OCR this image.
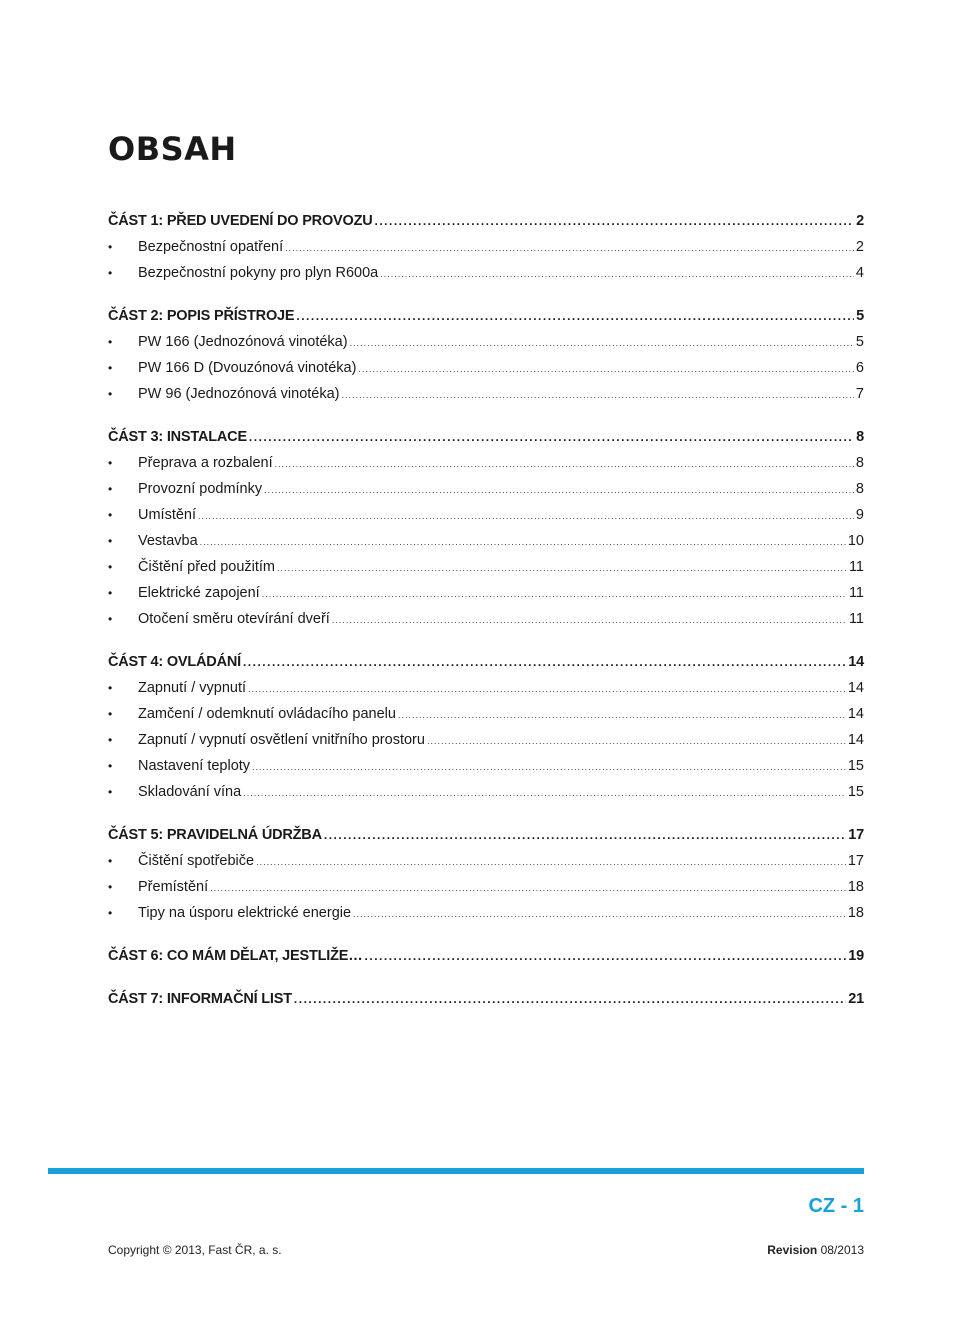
OBSAH
ČÁST 1: PŘED UVEDENÍ DO PROVOZU .....	2
•	Bezpečnostní opatření .....	2
•	Bezpečnostní pokyny pro plyn R600a .....	4
ČÁST 2: POPIS PŘÍSTROJE .....	5
•	PW 166 (Jednozónová vinotéka) .....	5
•	PW 166 D (Dvouzónová vinotéka) .....	6
•	PW 96 (Jednozónová vinotéka) .....	7
ČÁST 3: INSTALACE .....	8
•	Přeprava a rozbalení .....	8
•	Provozní podmínky .....	8
•	Umístění .....	9
•	Vestavba .....	10
•	Čištění před použitím .....	11
•	Elektrické zapojení .....	11
•	Otočení směru otevírání dveří .....	11
ČÁST 4: OVLÁDÁNÍ .....	14
•	Zapnutí / vypnutí .....	14
•	Zamčení / odemknutí ovládacího panelu .....	14
•	Zapnutí / vypnutí osvětlení vnitřního prostoru .....	14
•	Nastavení teploty .....	15
•	Skladování vína .....	15
ČÁST 5: PRAVIDELNÁ ÚDRŽBA .....	17
•	Čištění spotřebiče .....	17
•	Přemístění .....	18
•	Tipy na úsporu elektrické energie .....	18
ČÁST 6: CO MÁM DĚLAT, JESTLIŽE… .....	19
ČÁST 7: INFORMAČNÍ LIST .....	21
CZ - 1
Copyright © 2013, Fast ČR, a. s.	Revision 08/2013
